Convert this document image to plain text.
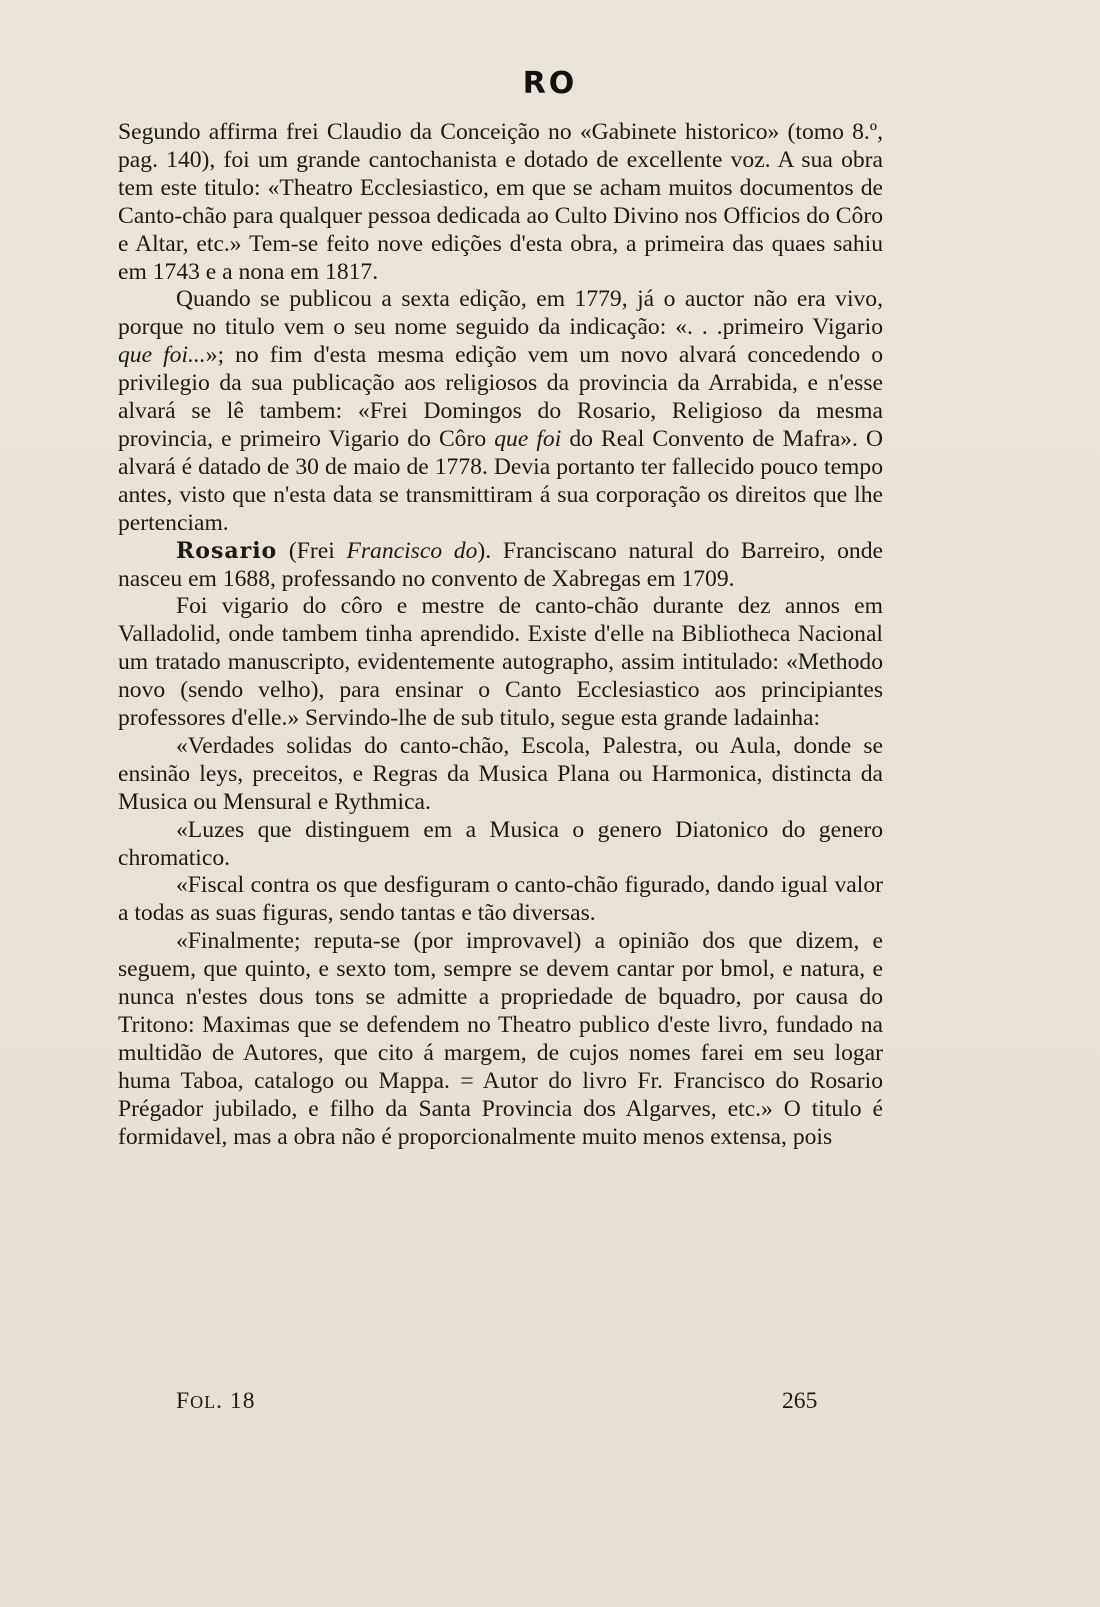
RO

Segundo affirma frei Claudio da Conceição no «Gabinete historico» (tomo 8.º, pag. 140), foi um grande cantochanista e dotado de excellente voz. A sua obra tem este titulo: «Theatro Ecclesiastico, em que se acham muitos documentos de Canto-chão para qualquer pessoa dedicada ao Culto Divino nos Officios do Côro e Altar, etc.» Tem-se feito nove edições d'esta obra, a primeira das quaes sahiu em 1743 e a nona em 1817.

Quando se publicou a sexta edição, em 1779, já o auctor não era vivo, porque no titulo vem o seu nome seguido da indicação: «. . .primeiro Vigario que foi...»; no fim d'esta mesma edição vem um novo alvará concedendo o privilegio da sua publicação aos religiosos da provincia da Arrabida, e n'esse alvará se lê tambem: «Frei Domingos do Rosario, Religioso da mesma provincia, e primeiro Vigario do Côro que foi do Real Convento de Mafra». O alvará é datado de 30 de maio de 1778. Devia portanto ter fallecido pouco tempo antes, visto que n'esta data se transmittiram á sua corporação os direitos que lhe pertenciam.

Rosario (Frei Francisco do). Franciscano natural do Barreiro, onde nasceu em 1688, professando no convento de Xabregas em 1709.

Foi vigario do côro e mestre de canto-chão durante dez annos em Valladolid, onde tambem tinha aprendido. Existe d'elle na Bibliotheca Nacional um tratado manuscripto, evidentemente autographo, assim intitulado: «Methodo novo (sendo velho), para ensinar o Canto Ecclesiastico aos principiantes professores d'elle.» Servindo-lhe de sub titulo, segue esta grande ladainha:

«Verdades solidas do canto-chão, Escola, Palestra, ou Aula, donde se ensinão leys, preceitos, e Regras da Musica Plana ou Harmonica, distincta da Musica ou Mensural e Rythmica.

«Luzes que distinguem em a Musica o genero Diatonico do genero chromatico.

«Fiscal contra os que desfiguram o canto-chão figurado, dando igual valor a todas as suas figuras, sendo tantas e tão diversas.

«Finalmente; reputa-se (por improvavel) a opinião dos que dizem, e seguem, que quinto, e sexto tom, sempre se devem cantar por bmol, e natura, e nunca n'estes dous tons se admitte a propriedade de bquadro, por causa do Tritono: Maximas que se defendem no Theatro publico d'este livro, fundado na multidão de Autores, que cito á margem, de cujos nomes farei em seu logar huma Taboa, catalogo ou Mappa. = Autor do livro Fr. Francisco do Rosario Prégador jubilado, e filho da Santa Provincia dos Algarves, etc.» O titulo é formidavel, mas a obra não é proporcionalmente muito menos extensa, pois

FOL. 18	265
